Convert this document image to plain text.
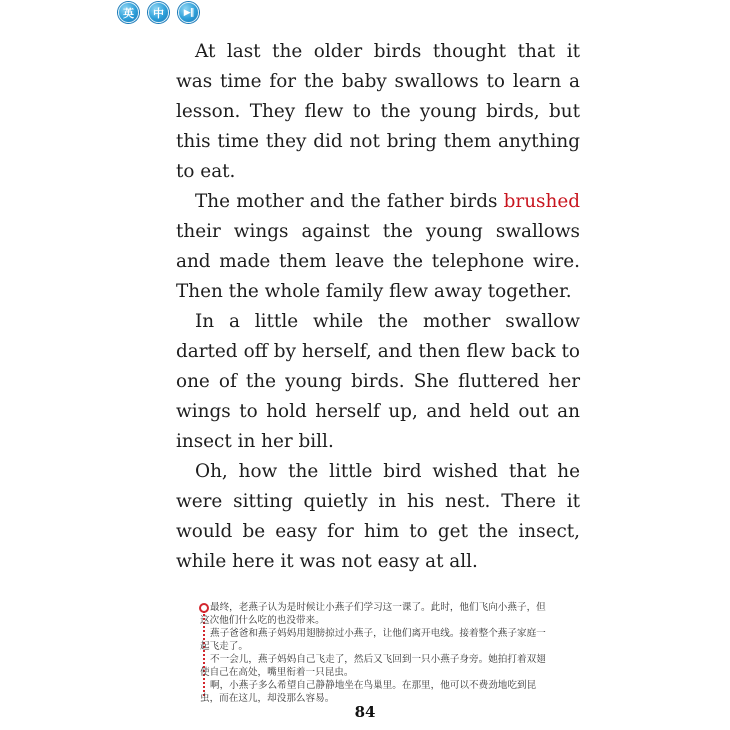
英 中 ▶‖

At last the older birds thought that it was time for the baby swallows to learn a lesson. They flew to the young birds, but this time they did not bring them anything to eat.

The mother and the father birds brushed their wings against the young swallows and made them leave the telephone wire. Then the whole family flew away together.

In a little while the mother swallow darted off by herself, and then flew back to one of the young birds. She fluttered her wings to hold herself up, and held out an insect in her bill.

Oh, how the little bird wished that he were sitting quietly in his nest. There it would be easy for him to get the insect, while here it was not easy at all.

最终，老燕子认为是时候让小燕子们学习这一课了。此时，他们飞向小燕子，但这次他们什么吃的也没带来。

燕子爸爸和燕子妈妈用翅膀掠过小燕子，让他们离开电线。接着整个燕子家庭一起飞走了。

不一会儿，燕子妈妈自己飞走了，然后又飞回到一只小燕子身旁。她拍打着双翅使自己在高处，嘴里衔着一只昆虫。

啊，小燕子多么希望自己静静地坐在鸟巢里。在那里，他可以不费劲地吃到昆虫，而在这儿，却没那么容易。

84
